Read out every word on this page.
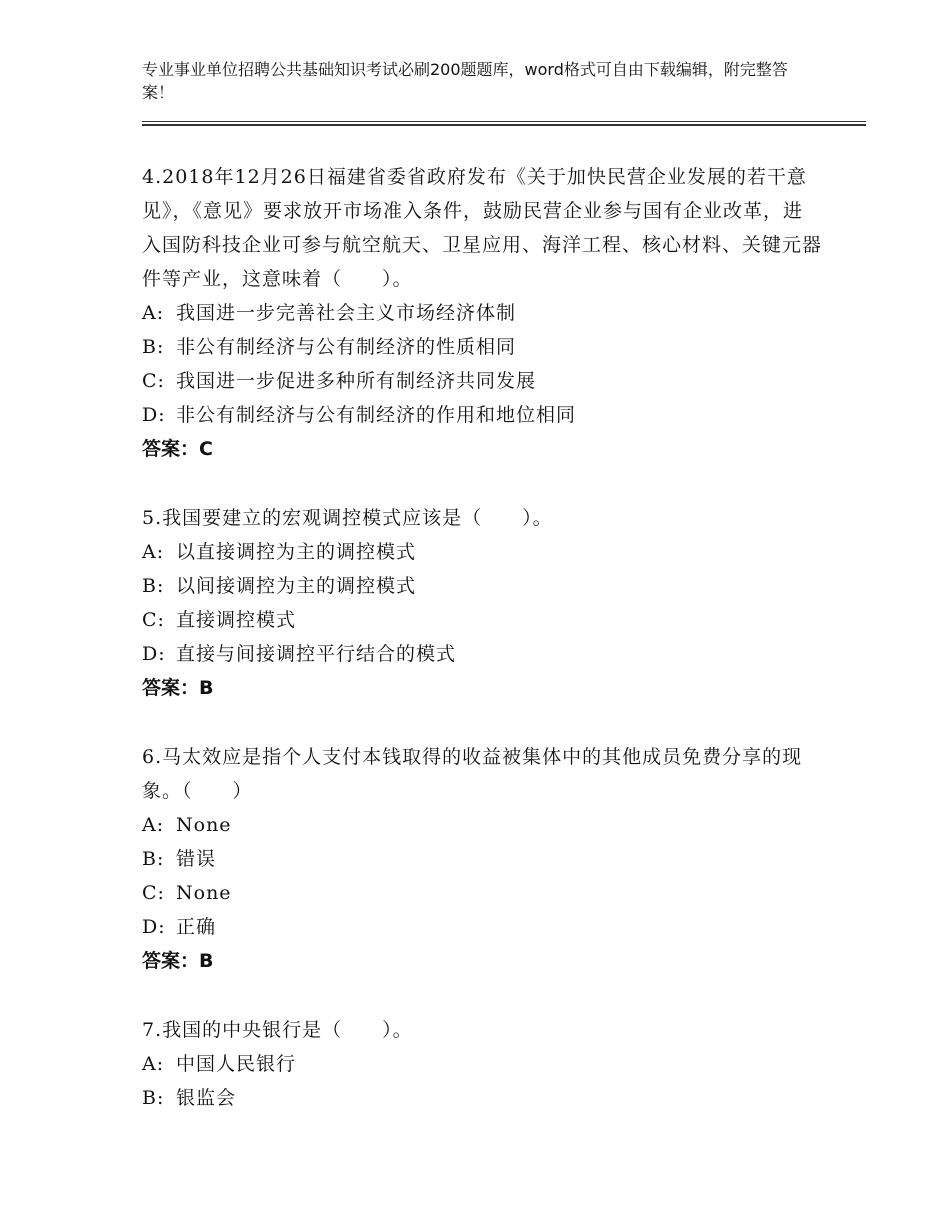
专业事业单位招聘公共基础知识考试必刷200题题库，word格式可自由下载编辑，附完整答案！

4.2018年12月26日福建省委省政府发布《关于加快民营企业发展的若干意见》，《意见》要求放开市场准入条件，鼓励民营企业参与国有企业改革，进入国防科技企业可参与航空航天、卫星应用、海洋工程、核心材料、关键元器件等产业，这意味着（　　）。

A: 我国进一步完善社会主义市场经济体制
B: 非公有制经济与公有制经济的性质相同
C: 我国进一步促进多种所有制经济共同发展
D: 非公有制经济与公有制经济的作用和地位相同
答案：C

5.我国要建立的宏观调控模式应该是（　　）。

A: 以直接调控为主的调控模式
B: 以间接调控为主的调控模式
C: 直接调控模式
D: 直接与间接调控平行结合的模式
答案：B

6.马太效应是指个人支付本钱取得的收益被集体中的其他成员免费分享的现象。（　　）

A: None
B: 错误
C: None
D: 正确
答案：B

7.我国的中央银行是（　　）。

A: 中国人民银行
B: 银监会
